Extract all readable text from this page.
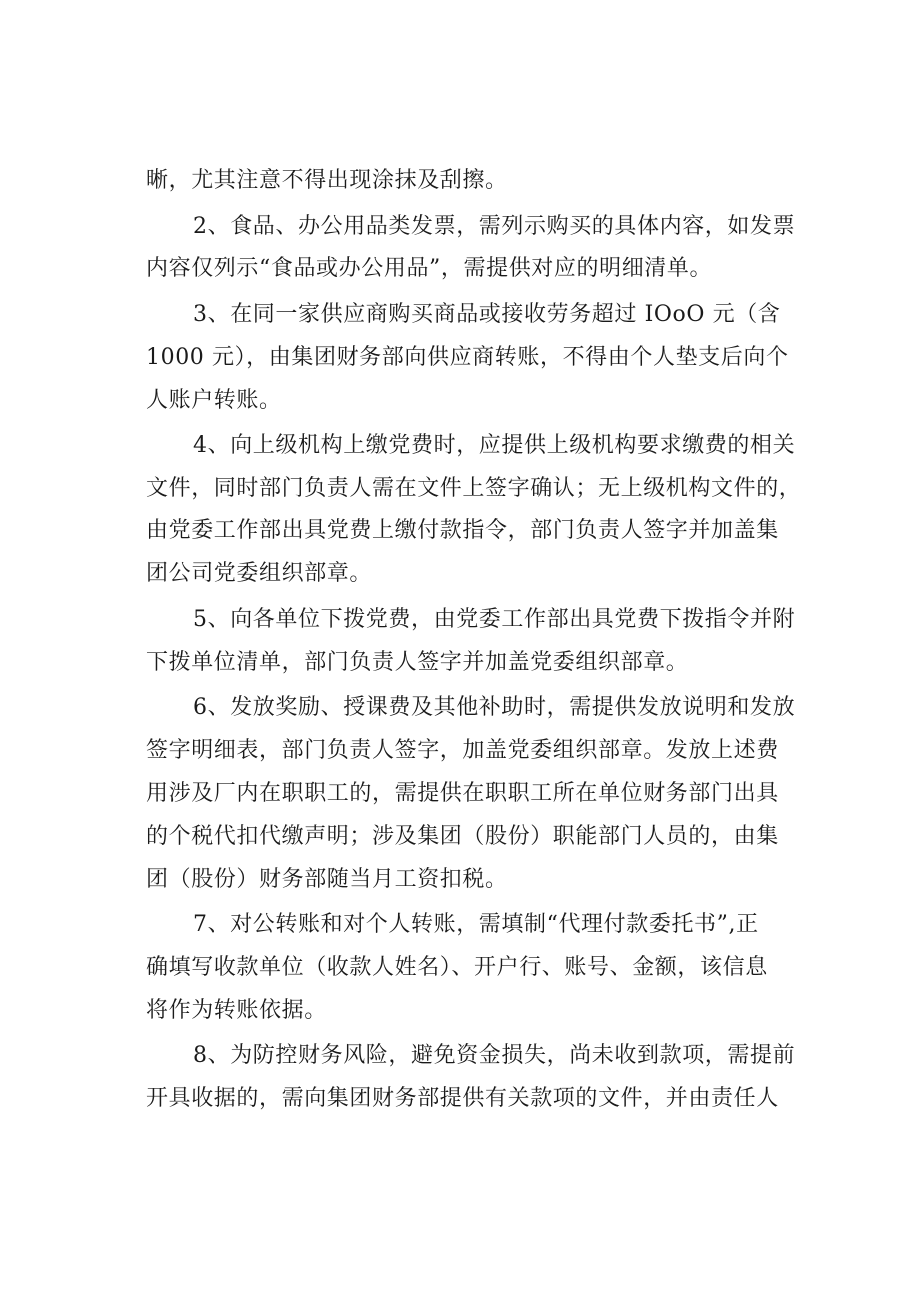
晰，尤其注意不得出现涂抹及刮擦。
2、食品、办公用品类发票，需列示购买的具体内容，如发票
内容仅列示“食品或办公用品”，需提供对应的明细清单。
3、在同一家供应商购买商品或接收劳务超过 IOoO 元（含
1000 元），由集团财务部向供应商转账，不得由个人垫支后向个
人账户转账。
4、向上级机构上缴党费时，应提供上级机构要求缴费的相关
文件，同时部门负责人需在文件上签字确认；无上级机构文件的，
由党委工作部出具党费上缴付款指令，部门负责人签字并加盖集
团公司党委组织部章。
5、向各单位下拨党费，由党委工作部出具党费下拨指令并附
下拨单位清单，部门负责人签字并加盖党委组织部章。
6、发放奖励、授课费及其他补助时，需提供发放说明和发放
签字明细表，部门负责人签字，加盖党委组织部章。发放上述费
用涉及厂内在职职工的，需提供在职职工所在单位财务部门出具
的个税代扣代缴声明；涉及集团（股份）职能部门人员的，由集
团（股份）财务部随当月工资扣税。
7、对公转账和对个人转账，需填制“代理付款委托书”,正
确填写收款单位（收款人姓名）、开户行、账号、金额，该信息
将作为转账依据。
8、为防控财务风险，避免资金损失，尚未收到款项，需提前
开具收据的，需向集团财务部提供有关款项的文件，并由责任人
